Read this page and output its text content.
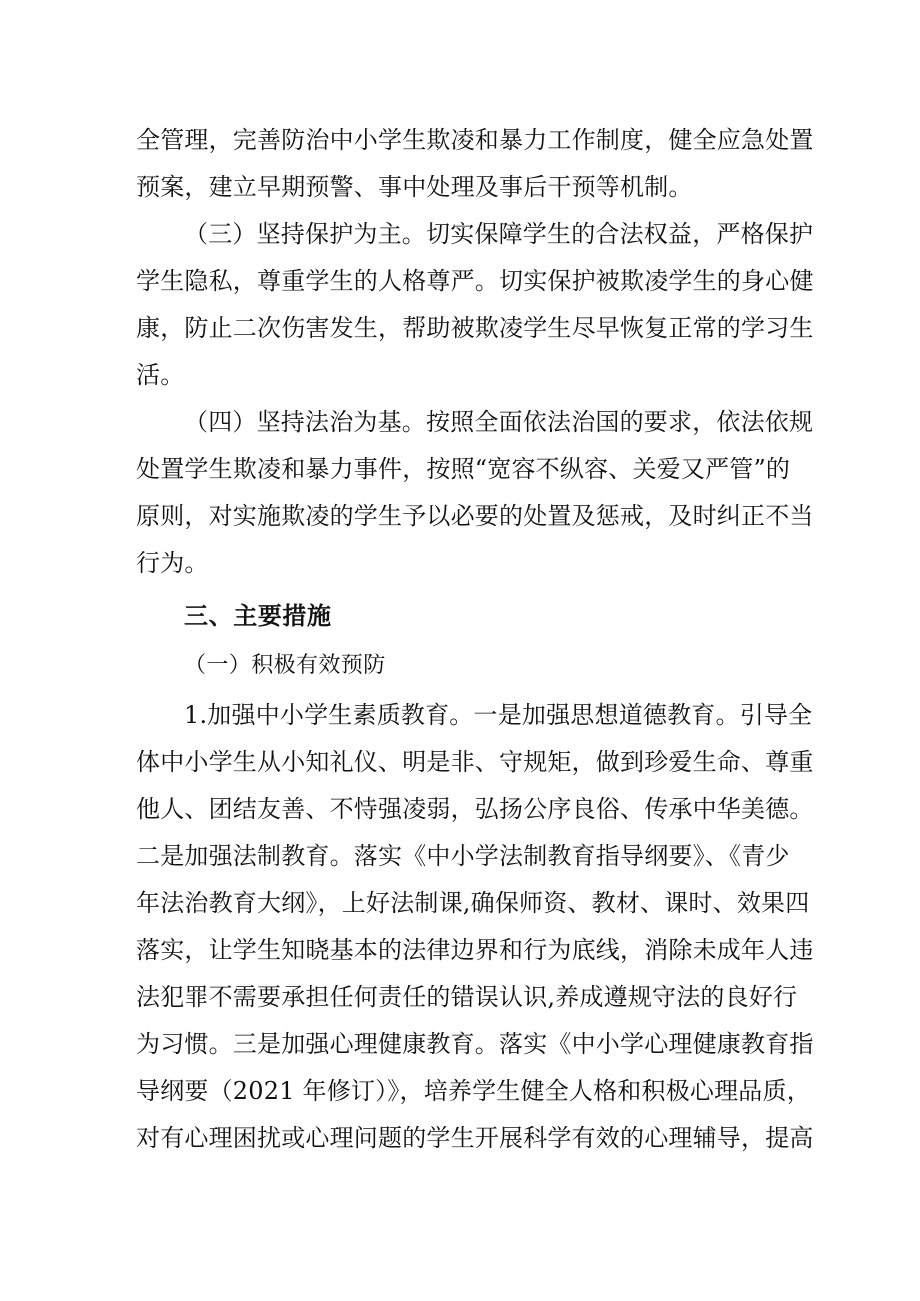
全管理，完善防治中小学生欺凌和暴力工作制度，健全应急处置
预案，建立早期预警、事中处理及事后干预等机制。
（三）坚持保护为主。切实保障学生的合法权益，严格保护
学生隐私，尊重学生的人格尊严。切实保护被欺凌学生的身心健
康，防止二次伤害发生，帮助被欺凌学生尽早恢复正常的学习生
活。
（四）坚持法治为基。按照全面依法治国的要求，依法依规
处置学生欺凌和暴力事件，按照“宽容不纵容、关爱又严管”的
原则，对实施欺凌的学生予以必要的处置及惩戒，及时纠正不当
行为。
三、主要措施
（一）积极有效预防
1.加强中小学生素质教育。一是加强思想道德教育。引导全
体中小学生从小知礼仪、明是非、守规矩，做到珍爱生命、尊重
他人、团结友善、不恃强凌弱，弘扬公序良俗、传承中华美德。
二是加强法制教育。落实《中小学法制教育指导纲要》、《青少
年法治教育大纲》，上好法制课,确保师资、教材、课时、效果四
落实，让学生知晓基本的法律边界和行为底线，消除未成年人违
法犯罪不需要承担任何责任的错误认识,养成遵规守法的良好行
为习惯。三是加强心理健康教育。落实《中小学心理健康教育指
导纲要（2021 年修订）》，培养学生健全人格和积极心理品质，
对有心理困扰或心理问题的学生开展科学有效的心理辅导，提高
